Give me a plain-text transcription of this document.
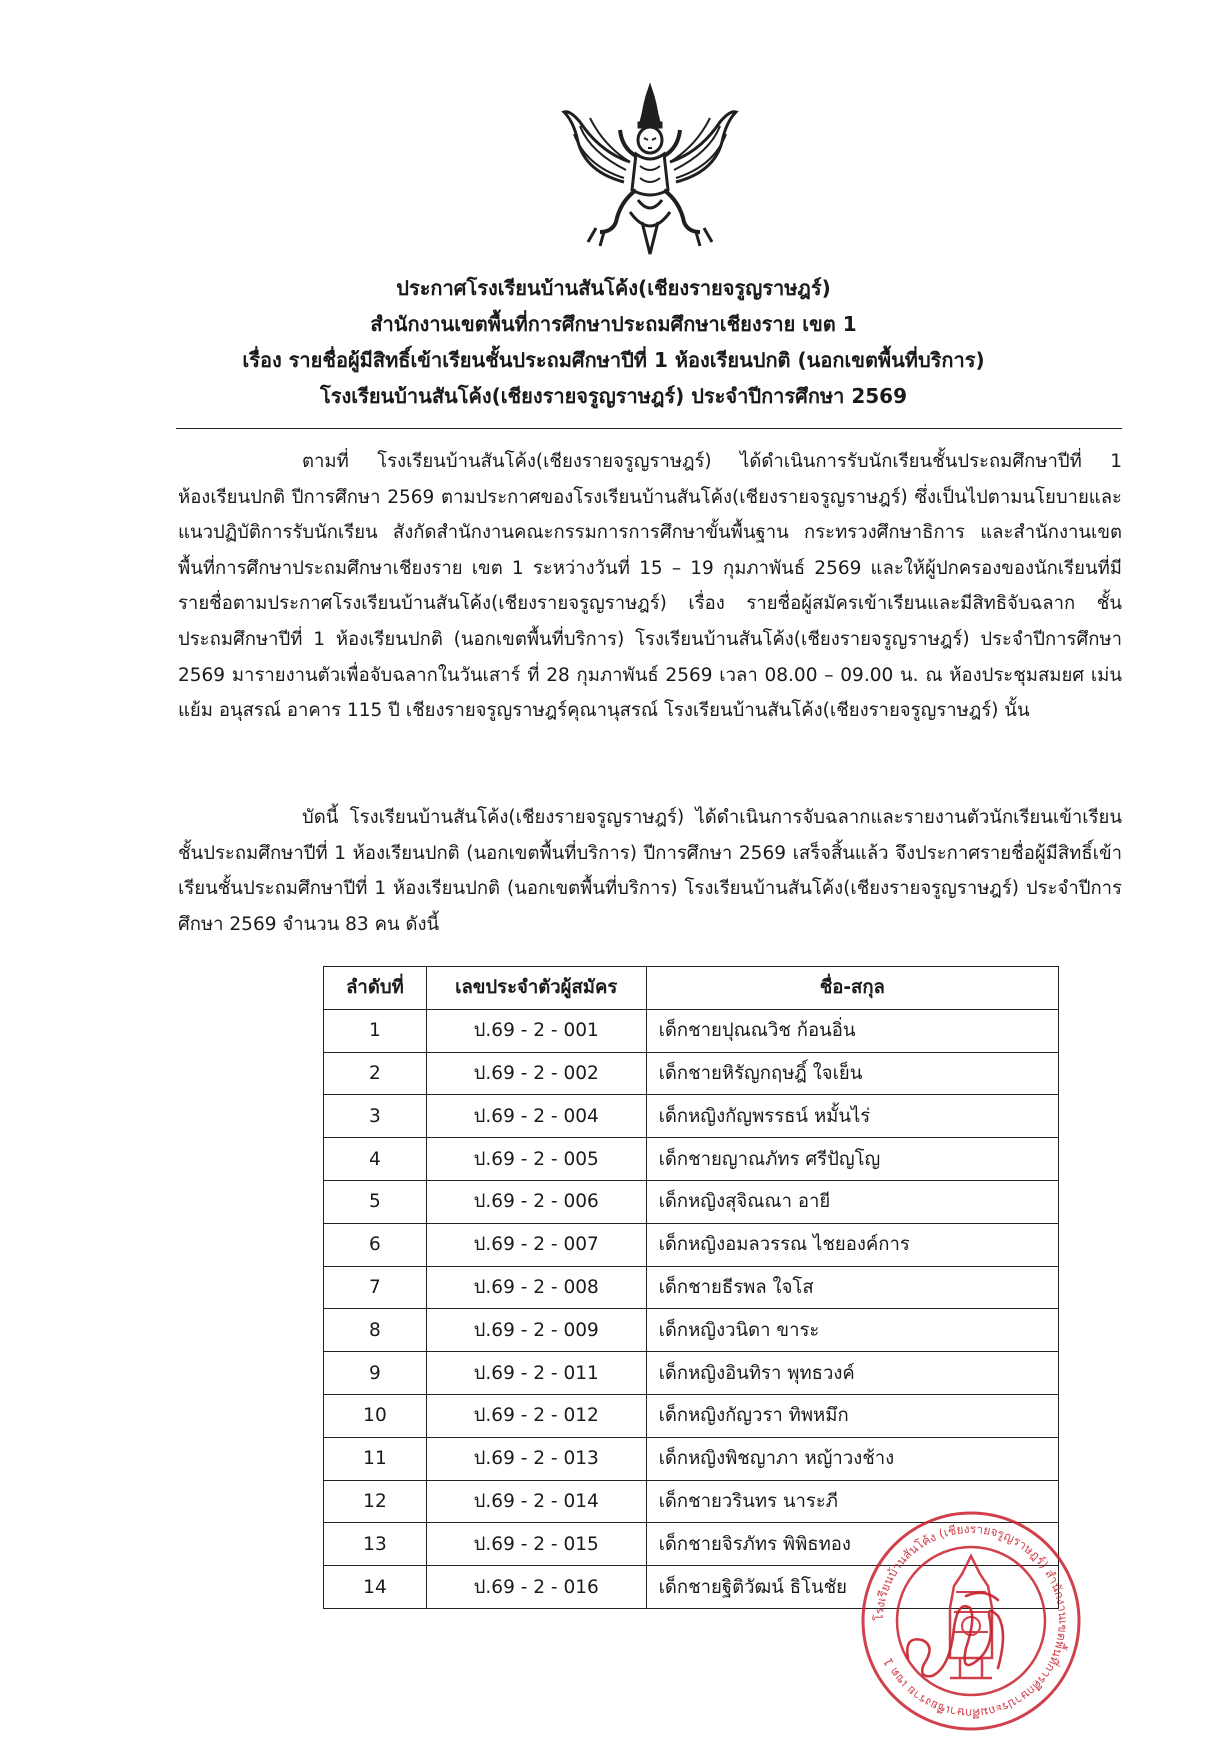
ประกาศโรงเรียนบ้านสันโค้ง(เชียงรายจรูญราษฎร์)
สำนักงานเขตพื้นที่การศึกษาประถมศึกษาเชียงราย เขต 1
เรื่อง รายชื่อผู้มีสิทธิ์เข้าเรียนชั้นประถมศึกษาปีที่ 1 ห้องเรียนปกติ (นอกเขตพื้นที่บริการ)
โรงเรียนบ้านสันโค้ง(เชียงรายจรูญราษฎร์) ประจำปีการศึกษา 2569

ตามที่ โรงเรียนบ้านสันโค้ง(เชียงรายจรูญราษฎร์) ได้ดำเนินการรับนักเรียนชั้นประถมศึกษาปีที่ 1 ห้องเรียนปกติ ปีการศึกษา 2569 ตามประกาศของโรงเรียนบ้านสันโค้ง(เชียงรายจรูญราษฎร์) ซึ่งเป็นไปตามนโยบายและแนวปฏิบัติการรับนักเรียน สังกัดสำนักงานคณะกรรมการการศึกษาขั้นพื้นฐาน กระทรวงศึกษาธิการ และสำนักงานเขตพื้นที่การศึกษาประถมศึกษาเชียงราย เขต 1 ระหว่างวันที่ 15 – 19 กุมภาพันธ์ 2569 และให้ผู้ปกครองของนักเรียนที่มีรายชื่อตามประกาศโรงเรียนบ้านสันโค้ง(เชียงรายจรูญราษฎร์) เรื่อง รายชื่อผู้สมัครเข้าเรียนและมีสิทธิจับฉลาก ชั้นประถมศึกษาปีที่ 1 ห้องเรียนปกติ (นอกเขตพื้นที่บริการ) โรงเรียนบ้านสันโค้ง(เชียงรายจรูญราษฎร์) ประจำปีการศึกษา 2569 มารายงานตัวเพื่อจับฉลากในวันเสาร์ ที่ 28 กุมภาพันธ์ 2569 เวลา 08.00 – 09.00 น. ณ ห้องประชุมสมยศ เม่นแย้ม อนุสรณ์ อาคาร 115 ปี เชียงรายจรูญราษฎร์คุณานุสรณ์ โรงเรียนบ้านสันโค้ง(เชียงรายจรูญราษฎร์) นั้น

บัดนี้ โรงเรียนบ้านสันโค้ง(เชียงรายจรูญราษฎร์) ได้ดำเนินการจับฉลากและรายงานตัวนักเรียนเข้าเรียนชั้นประถมศึกษาปีที่ 1 ห้องเรียนปกติ (นอกเขตพื้นที่บริการ) ปีการศึกษา 2569 เสร็จสิ้นแล้ว จึงประกาศรายชื่อผู้มีสิทธิ์เข้าเรียนชั้นประถมศึกษาปีที่ 1 ห้องเรียนปกติ (นอกเขตพื้นที่บริการ) โรงเรียนบ้านสันโค้ง(เชียงรายจรูญราษฎร์) ประจำปีการศึกษา 2569 จำนวน 83 คน ดังนี้

ลำดับที่	เลขประจำตัวผู้สมัคร	ชื่อ-สกุล
1	ป.69 - 2 - 001	เด็กชายปุณณวิช ก้อนอิ่น
2	ป.69 - 2 - 002	เด็กชายหิรัญกฤษฎิ์ ใจเย็น
3	ป.69 - 2 - 004	เด็กหญิงกัญพรรธน์ หมั้นไร่
4	ป.69 - 2 - 005	เด็กชายญาณภัทร ศรีปัญโญ
5	ป.69 - 2 - 006	เด็กหญิงสุจิณณา อายี
6	ป.69 - 2 - 007	เด็กหญิงอมลวรรณ ไชยองค์การ
7	ป.69 - 2 - 008	เด็กชายธีรพล ใจโส
8	ป.69 - 2 - 009	เด็กหญิงวนิดา ขาระ
9	ป.69 - 2 - 011	เด็กหญิงอินทิรา พุทธวงค์
10	ป.69 - 2 - 012	เด็กหญิงกัญวรา ทิพหมึก
11	ป.69 - 2 - 013	เด็กหญิงพิชญาภา หญ้าวงช้าง
12	ป.69 - 2 - 014	เด็กชายวรินทร นาระภี
13	ป.69 - 2 - 015	เด็กชายจิรภัทร พิพิธทอง
14	ป.69 - 2 - 016	เด็กชายฐิติวัฒน์ ธิโนชัย
โรงเรียนบ้านสันโค้ง (เชียงรายจรูญราษฎร์) สำนักงานเขตพื้นที่การศึกษาประถมศึกษาเชียงราย เขต 1
